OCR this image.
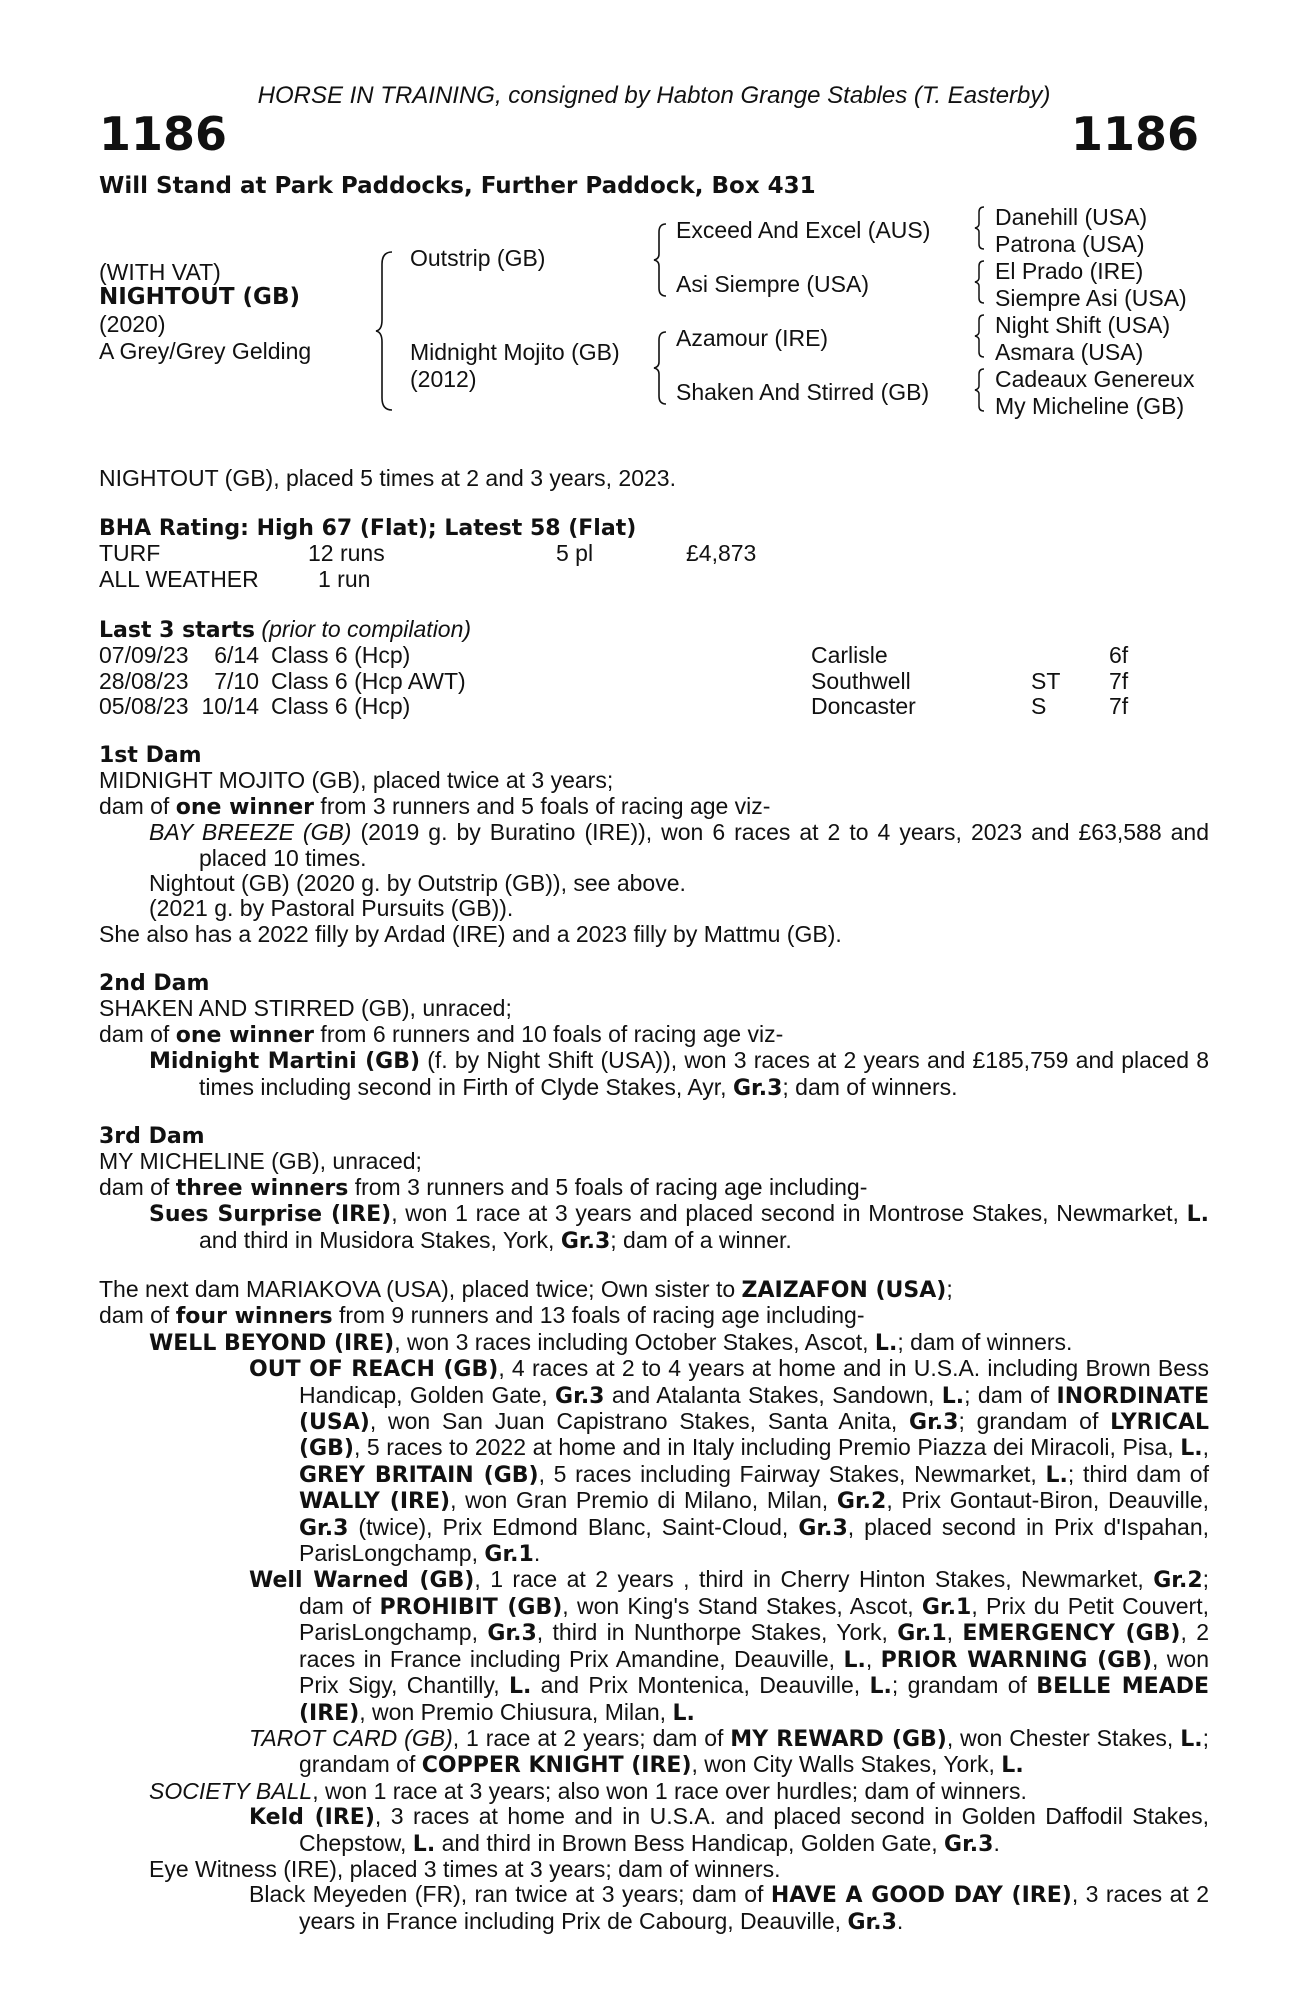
HORSE IN TRAINING, consigned by Habton Grange Stables (T. Easterby)
1186	1186
Will Stand at Park Paddocks, Further Paddock, Box 431
(WITH VAT)
NIGHTOUT (GB)
(2020)
A Grey/Grey Gelding
Outstrip (GB)
Midnight Mojito (GB)
(2012)
Exceed And Excel (AUS)
Asi Siempre (USA)
Azamour (IRE)
Shaken And Stirred (GB)
Danehill (USA)
Patrona (USA)
El Prado (IRE)
Siempre Asi (USA)
Night Shift (USA)
Asmara (USA)
Cadeaux Genereux
My Micheline (GB)
NIGHTOUT (GB), placed 5 times at 2 and 3 years, 2023.
BHA Rating: High 67 (Flat); Latest 58 (Flat)
TURF	12 runs	5 pl	£4,873
ALL WEATHER	1 run
Last 3 starts (prior to compilation)
07/09/23	6/14 Class 6 (Hcp)	Carlisle	6f
28/08/23	7/10 Class 6 (Hcp AWT)	Southwell	ST	7f
05/08/23 10/14 Class 6 (Hcp)	Doncaster	S	7f
1st Dam

MIDNIGHT MOJITO (GB), placed twice at 3 years;

dam of one winner from 3 runners and 5 foals of racing age viz-

BAY BREEZE (GB) (2019 g. by Buratino (IRE)), won 6 races at 2 to 4 years, 2023 and £63,588 and placed 10 times.

Nightout (GB) (2020 g. by Outstrip (GB)), see above.

(2021 g. by Pastoral Pursuits (GB)).

She also has a 2022 filly by Ardad (IRE) and a 2023 filly by Mattmu (GB).

2nd Dam

SHAKEN AND STIRRED (GB), unraced;

dam of one winner from 6 runners and 10 foals of racing age viz-

Midnight Martini (GB) (f. by Night Shift (USA)), won 3 races at 2 years and £185,759 and placed 8 times including second in Firth of Clyde Stakes, Ayr, Gr.3; dam of winners.

3rd Dam

MY MICHELINE (GB), unraced;

dam of three winners from 3 runners and 5 foals of racing age including-

Sues Surprise (IRE), won 1 race at 3 years and placed second in Montrose Stakes, Newmarket, L. and third in Musidora Stakes, York, Gr.3; dam of a winner.

The next dam MARIAKOVA (USA), placed twice; Own sister to ZAIZAFON (USA);

dam of four winners from 9 runners and 13 foals of racing age including-

WELL BEYOND (IRE), won 3 races including October Stakes, Ascot, L.; dam of winners.

OUT OF REACH (GB), 4 races at 2 to 4 years at home and in U.S.A. including Brown Bess Handicap, Golden Gate, Gr.3 and Atalanta Stakes, Sandown, L.; dam of INORDINATE (USA), won San Juan Capistrano Stakes, Santa Anita, Gr.3; grandam of LYRICAL (GB), 5 races to 2022 at home and in Italy including Premio Piazza dei Miracoli, Pisa, L., GREY BRITAIN (GB), 5 races including Fairway Stakes, Newmarket, L.; third dam of WALLY (IRE), won Gran Premio di Milano, Milan, Gr.2, Prix Gontaut-Biron, Deauville, Gr.3 (twice), Prix Edmond Blanc, Saint-Cloud, Gr.3, placed second in Prix d'Ispahan, ParisLongchamp, Gr.1.

Well Warned (GB), 1 race at 2 years , third in Cherry Hinton Stakes, Newmarket, Gr.2; dam of PROHIBIT (GB), won King's Stand Stakes, Ascot, Gr.1, Prix du Petit Couvert, ParisLongchamp, Gr.3, third in Nunthorpe Stakes, York, Gr.1, EMERGENCY (GB), 2 races in France including Prix Amandine, Deauville, L., PRIOR WARNING (GB), won Prix Sigy, Chantilly, L. and Prix Montenica, Deauville, L.; grandam of BELLE MEADE (IRE), won Premio Chiusura, Milan, L.

TAROT CARD (GB), 1 race at 2 years; dam of MY REWARD (GB), won Chester Stakes, L.; grandam of COPPER KNIGHT (IRE), won City Walls Stakes, York, L.

SOCIETY BALL, won 1 race at 3 years; also won 1 race over hurdles; dam of winners.

Keld (IRE), 3 races at home and in U.S.A. and placed second in Golden Daffodil Stakes, Chepstow, L. and third in Brown Bess Handicap, Golden Gate, Gr.3.

Eye Witness (IRE), placed 3 times at 3 years; dam of winners.

Black Meyeden (FR), ran twice at 3 years; dam of HAVE A GOOD DAY (IRE), 3 races at 2 years in France including Prix de Cabourg, Deauville, Gr.3.
